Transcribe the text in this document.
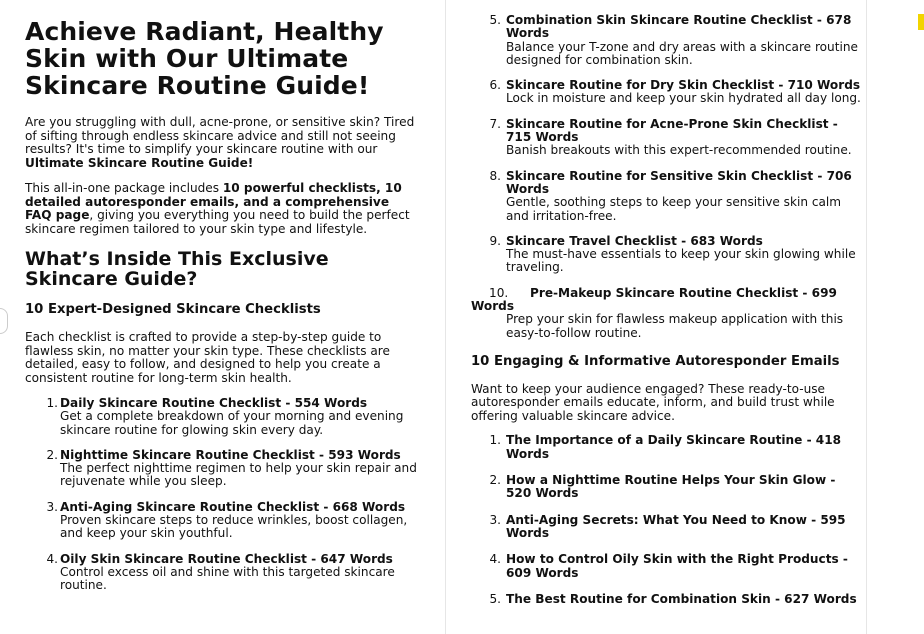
Achieve Radiant, Healthy Skin with Our Ultimate Skincare Routine Guide!

Are you struggling with dull, acne-prone, or sensitive skin? Tired of sifting through endless skincare advice and still not seeing results? It's time to simplify your skincare routine with our Ultimate Skincare Routine Guide!

This all-in-one package includes 10 powerful checklists, 10 detailed autoresponder emails, and a comprehensive FAQ page, giving you everything you need to build the perfect skincare regimen tailored to your skin type and lifestyle.

What’s Inside This Exclusive Skincare Guide?
10 Expert-Designed Skincare Checklists

Each checklist is crafted to provide a step-by-step guide to flawless skin, no matter your skin type. These checklists are detailed, easy to follow, and designed to help you create a consistent routine for long-term skin health.

1. Daily Skincare Routine Checklist - 554 Words
Get a complete breakdown of your morning and evening skincare routine for glowing skin every day.
2. Nighttime Skincare Routine Checklist - 593 Words
The perfect nighttime regimen to help your skin repair and rejuvenate while you sleep.
3. Anti-Aging Skincare Routine Checklist - 668 Words
Proven skincare steps to reduce wrinkles, boost collagen, and keep your skin youthful.
4. Oily Skin Skincare Routine Checklist - 647 Words
Control excess oil and shine with this targeted skincare routine.
5. Combination Skin Skincare Routine Checklist - 678 Words
Balance your T-zone and dry areas with a skincare routine designed for combination skin.
6. Skincare Routine for Dry Skin Checklist - 710 Words
Lock in moisture and keep your skin hydrated all day long.
7. Skincare Routine for Acne-Prone Skin Checklist - 715 Words
Banish breakouts with this expert-recommended routine.
8. Skincare Routine for Sensitive Skin Checklist - 706 Words
Gentle, soothing steps to keep your sensitive skin calm and irritation-free.
9. Skincare Travel Checklist - 683 Words
The must-have essentials to keep your skin glowing while traveling.
10. Pre-Makeup Skincare Routine Checklist - 699 Words
Prep your skin for flawless makeup application with this easy-to-follow routine.
10 Engaging & Informative Autoresponder Emails

Want to keep your audience engaged? These ready-to-use autoresponder emails educate, inform, and build trust while offering valuable skincare advice.

1. The Importance of a Daily Skincare Routine - 418 Words
2. How a Nighttime Routine Helps Your Skin Glow - 520 Words
3. Anti-Aging Secrets: What You Need to Know - 595 Words
4. How to Control Oily Skin with the Right Products - 609 Words
5. The Best Routine for Combination Skin - 627 Words
